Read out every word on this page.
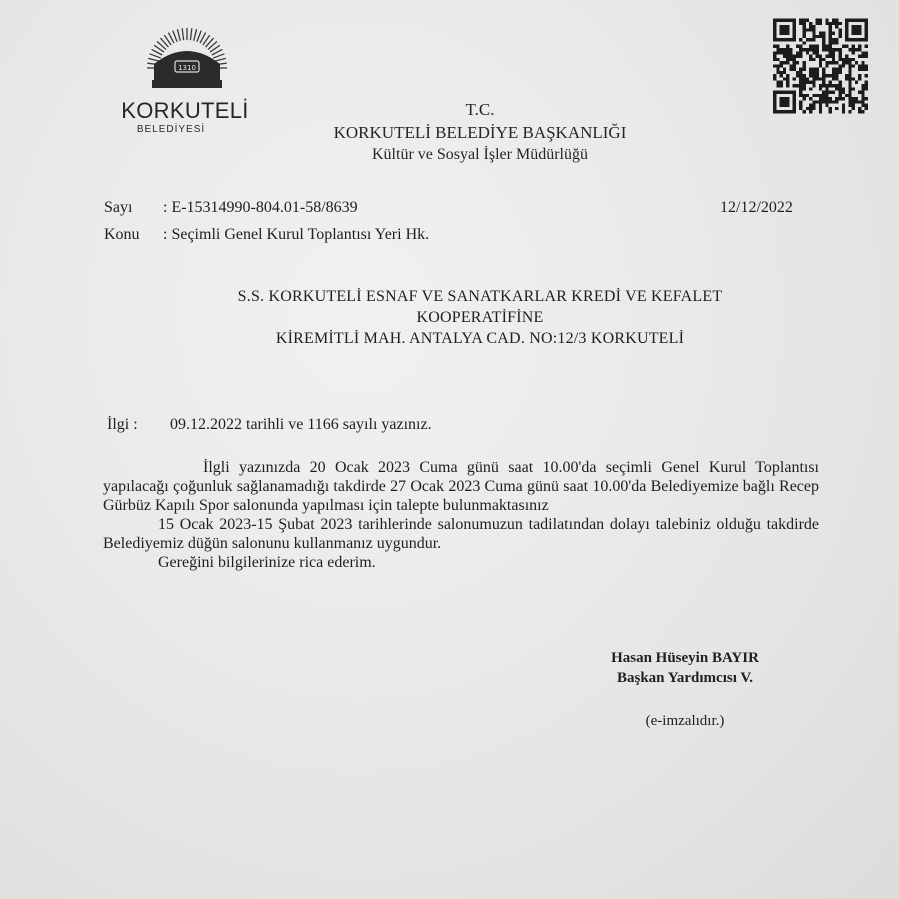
1310
KORKUTELİ
BELEDİYESİ
T.C.
KORKUTELİ BELEDİYE BAŞKANLIĞI
Kültür ve Sosyal İşler Müdürlüğü
Sayı : E-15314990-804.01-58/8639	12/12/2022
Konu : Seçimli Genel Kurul Toplantısı Yeri Hk.
S.S. KORKUTELİ ESNAF VE SANATKARLAR KREDİ VE KEFALET
KOOPERATİFİNE
KİREMİTLİ MAH. ANTALYA CAD. NO:12/3 KORKUTELİ
İlgi : 09.12.2022 tarihli ve 1166 sayılı yazınız.

İlgli yazınızda 20 Ocak 2023 Cuma günü saat 10.00'da seçimli Genel Kurul Toplantısı yapılacağı çoğunluk sağlanamadığı takdirde 27 Ocak 2023 Cuma günü saat 10.00'da Belediyemize bağlı Recep Gürbüz Kapılı Spor salonunda yapılması için talepte bulunmaktasınız

15 Ocak 2023-15 Şubat 2023 tarihlerinde salonumuzun tadilatından dolayı talebiniz olduğu takdirde Belediyemiz düğün salonunu kullanmanız uygundur.

Gereğini bilgilerinize rica ederim.

Hasan Hüseyin BAYIR
Başkan Yardımcısı V.
(e-imzalıdır.)
